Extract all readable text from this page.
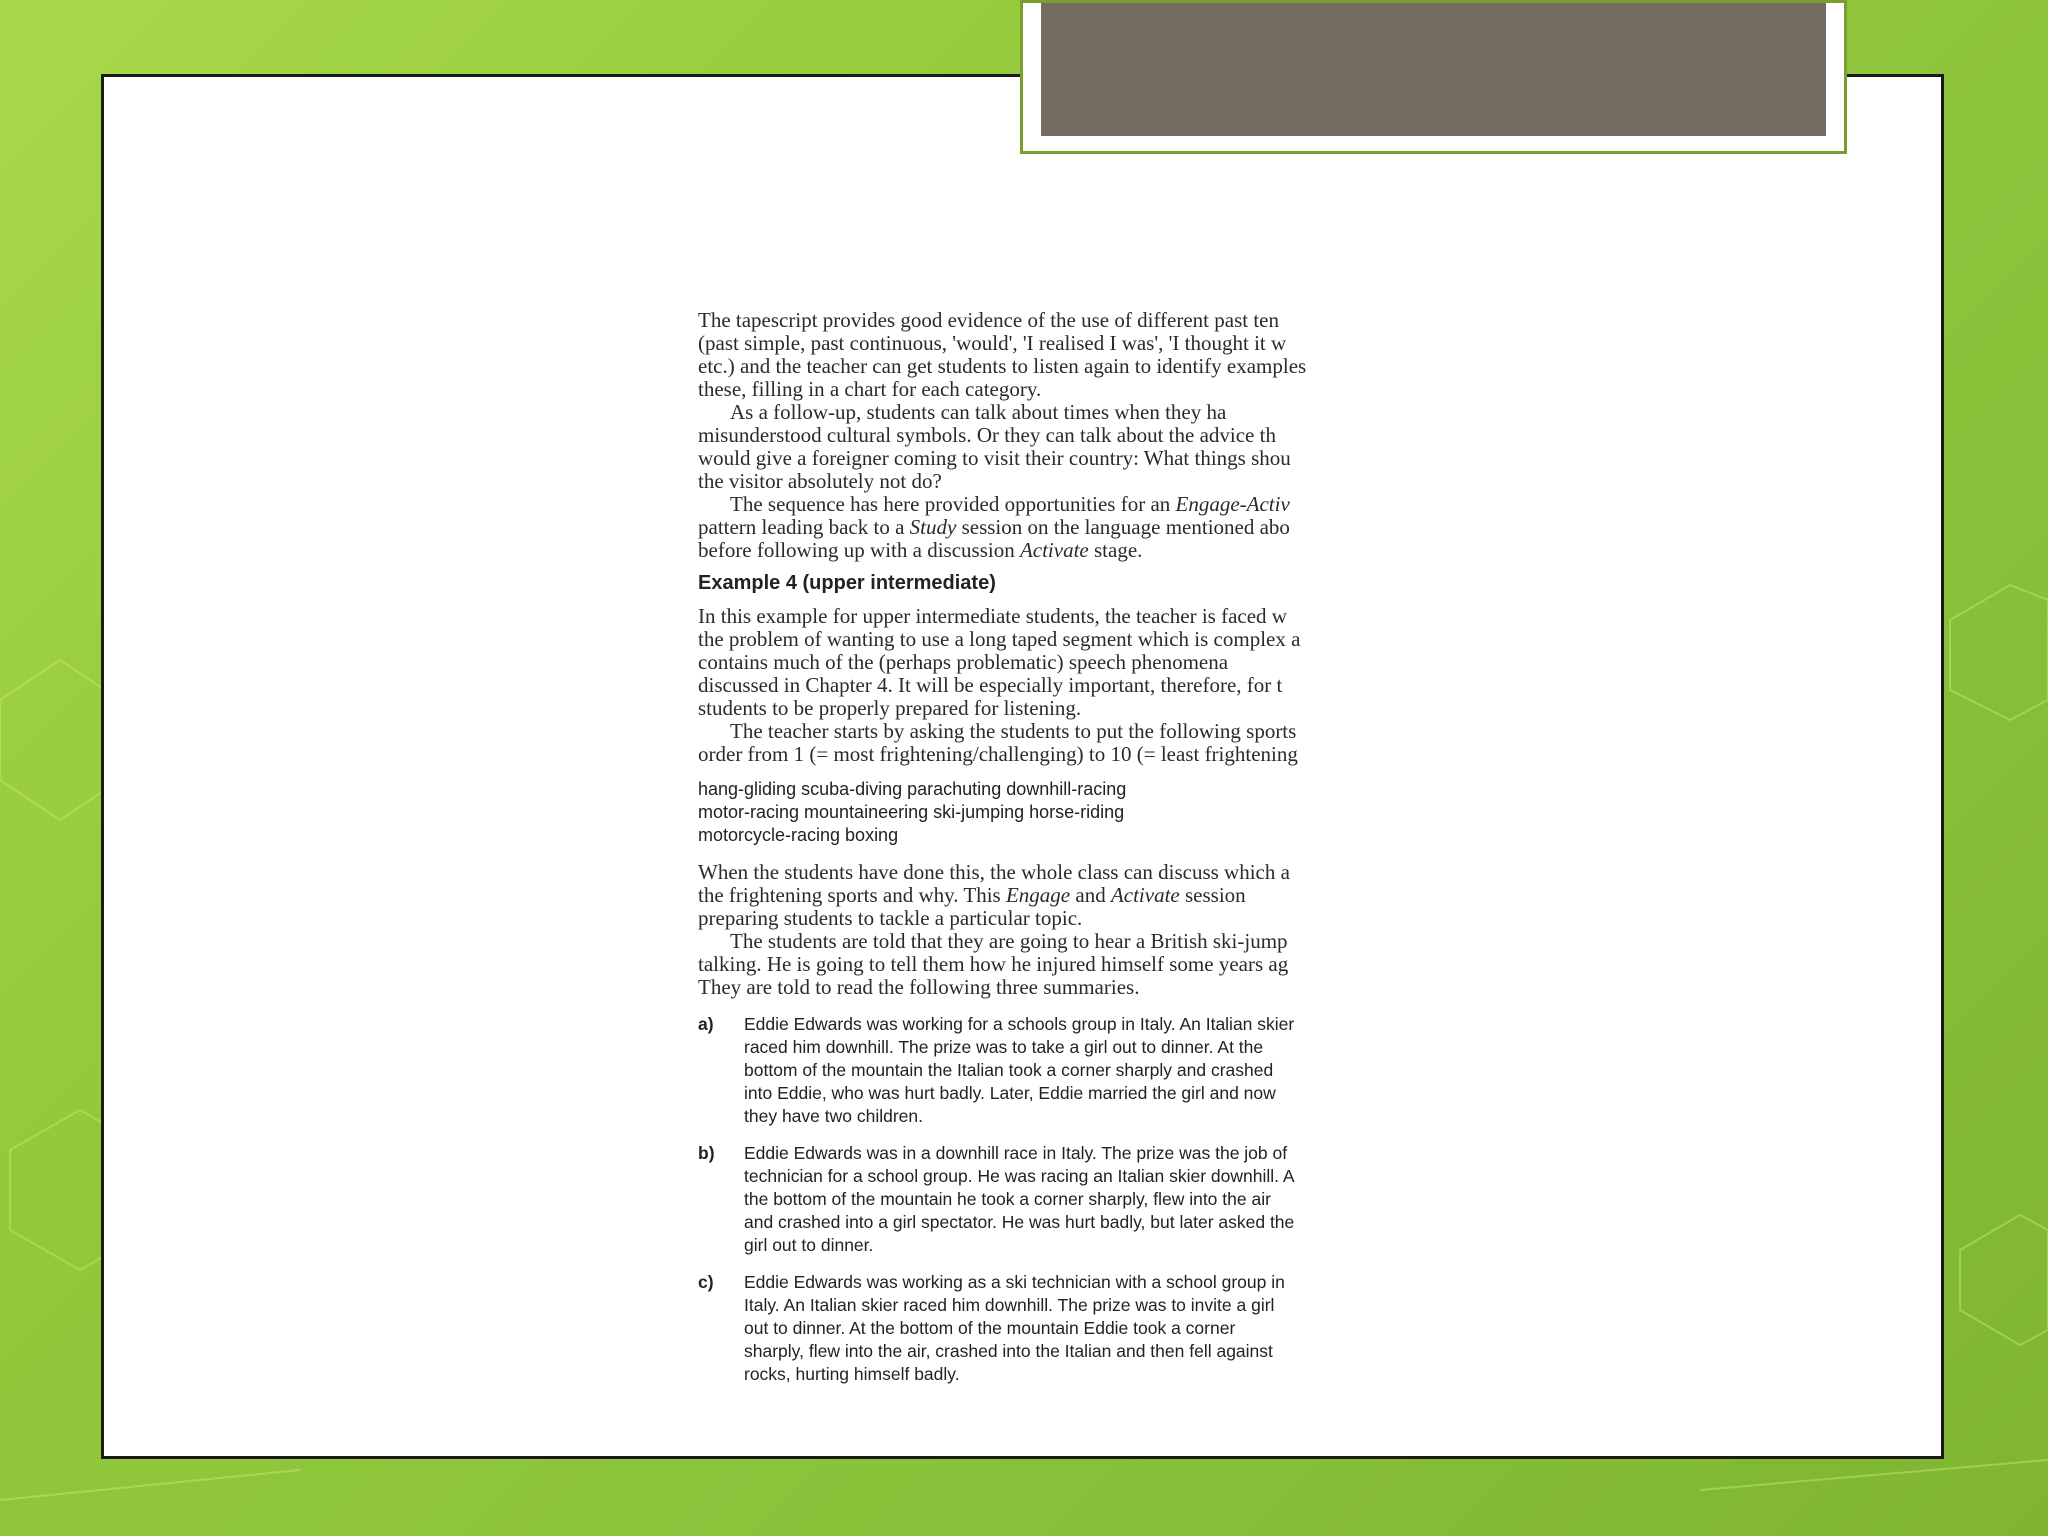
The tapescript provides good evidence of the use of different past ten

(past simple, past continuous, 'would', 'I realised I was', 'I thought it w

etc.) and the teacher can get students to listen again to identify examples

these, filling in a chart for each category.

As a follow-up, students can talk about times when they ha

misunderstood cultural symbols. Or they can talk about the advice th

would give a foreigner coming to visit their country: What things shou

the visitor absolutely not do?

The sequence has here provided opportunities for an Engage-Activ

pattern leading back to a Study session on the language mentioned abo

before following up with a discussion Activate stage.

Example 4 (upper intermediate)

In this example for upper intermediate students, the teacher is faced w

the problem of wanting to use a long taped segment which is complex a

contains much of the (perhaps problematic) speech phenomena

discussed in Chapter 4. It will be especially important, therefore, for t

students to be properly prepared for listening.

The teacher starts by asking the students to put the following sports

order from 1 (= most frightening/challenging) to 10 (= least frightening

hang-gliding scuba-diving parachuting downhill-racing
motor-racing mountaineering ski-jumping horse-riding
motorcycle-racing boxing

When the students have done this, the whole class can discuss which a

the frightening sports and why. This Engage and Activate session

preparing students to tackle a particular topic.

The students are told that they are going to hear a British ski-jump

talking. He is going to tell them how he injured himself some years ag

They are told to read the following three summaries.

a)	Eddie Edwards was working for a schools group in Italy. An Italian skier
raced him downhill. The prize was to take a girl out to dinner. At the
bottom of the mountain the Italian took a corner sharply and crashed
into Eddie, who was hurt badly. Later, Eddie married the girl and now
they have two children.
b)	Eddie Edwards was in a downhill race in Italy. The prize was the job of
technician for a school group. He was racing an Italian skier downhill. A
the bottom of the mountain he took a corner sharply, flew into the air
and crashed into a girl spectator. He was hurt badly, but later asked the
girl out to dinner.
c)	Eddie Edwards was working as a ski technician with a school group in
Italy. An Italian skier raced him downhill. The prize was to invite a girl
out to dinner. At the bottom of the mountain Eddie took a corner
sharply, flew into the air, crashed into the Italian and then fell against
rocks, hurting himself badly.
